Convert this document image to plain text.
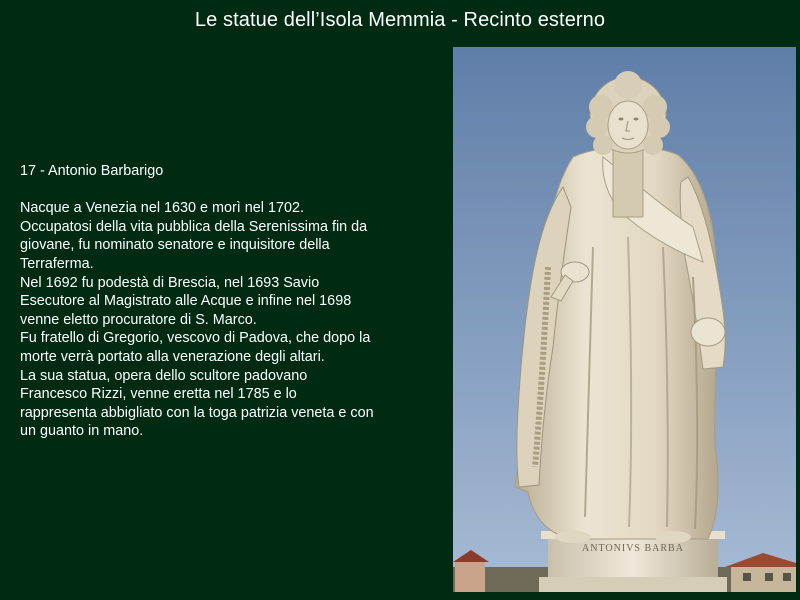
Le statue dell’Isola Memmia - Recinto esterno
17 - Antonio Barbarigo
Nacque a Venezia nel 1630 e morì nel 1702.
Occupatosi della vita pubblica della Serenissima fin da
giovane, fu nominato senatore e inquisitore della
Terraferma.
Nel 1692 fu podestà di Brescia, nel 1693 Savio
Esecutore al Magistrato alle Acque e infine nel 1698
venne eletto procuratore di S. Marco.
Fu fratello di Gregorio, vescovo di Padova, che dopo la
morte verrà portato alla venerazione degli altari.
La sua statua, opera dello scultore padovano
Francesco Rizzi, venne eretta nel 1785 e lo
rappresenta abbigliato con la toga patrizia veneta e con
un guanto in mano.
ANTONIVS BARBA
